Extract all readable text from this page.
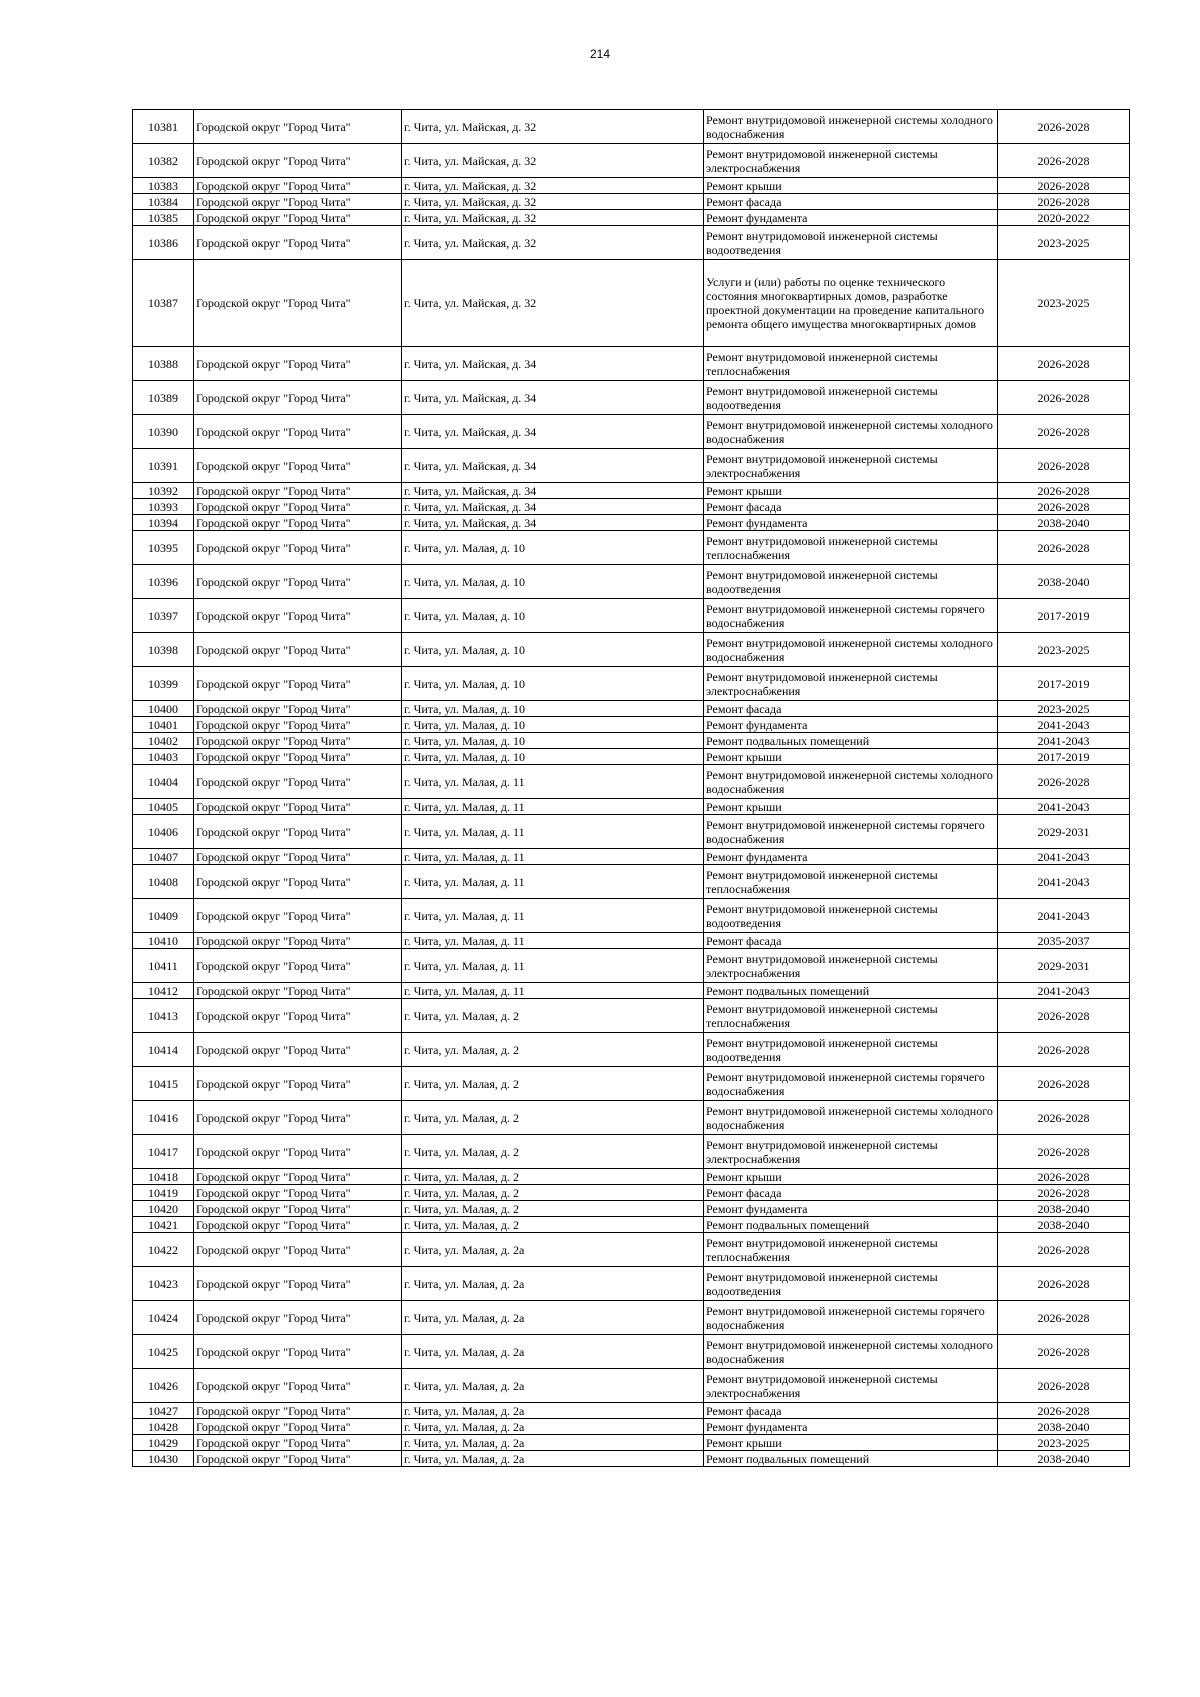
214
10381	Городской округ "Город Чита"	г. Чита, ул. Майская, д. 32	Ремонт внутридомовой инженерной системы холодного водоснабжения	2026-2028
10382	Городской округ "Город Чита"	г. Чита, ул. Майская, д. 32	Ремонт внутридомовой инженерной системы электроснабжения	2026-2028
10383	Городской округ "Город Чита"	г. Чита, ул. Майская, д. 32	Ремонт крыши	2026-2028
10384	Городской округ "Город Чита"	г. Чита, ул. Майская, д. 32	Ремонт фасада	2026-2028
10385	Городской округ "Город Чита"	г. Чита, ул. Майская, д. 32	Ремонт фундамента	2020-2022
10386	Городской округ "Город Чита"	г. Чита, ул. Майская, д. 32	Ремонт внутридомовой инженерной системы водоотведения	2023-2025
10387	Городской округ "Город Чита"	г. Чита, ул. Майская, д. 32	Услуги и (или) работы по оценке технического состояния многоквартирных домов, разработке проектной документации на проведение капитального ремонта общего имущества многоквартирных домов	2023-2025
10388	Городской округ "Город Чита"	г. Чита, ул. Майская, д. 34	Ремонт внутридомовой инженерной системы теплоснабжения	2026-2028
10389	Городской округ "Город Чита"	г. Чита, ул. Майская, д. 34	Ремонт внутридомовой инженерной системы водоотведения	2026-2028
10390	Городской округ "Город Чита"	г. Чита, ул. Майская, д. 34	Ремонт внутридомовой инженерной системы холодного водоснабжения	2026-2028
10391	Городской округ "Город Чита"	г. Чита, ул. Майская, д. 34	Ремонт внутридомовой инженерной системы электроснабжения	2026-2028
10392	Городской округ "Город Чита"	г. Чита, ул. Майская, д. 34	Ремонт крыши	2026-2028
10393	Городской округ "Город Чита"	г. Чита, ул. Майская, д. 34	Ремонт фасада	2026-2028
10394	Городской округ "Город Чита"	г. Чита, ул. Майская, д. 34	Ремонт фундамента	2038-2040
10395	Городской округ "Город Чита"	г. Чита, ул. Малая, д. 10	Ремонт внутридомовой инженерной системы теплоснабжения	2026-2028
10396	Городской округ "Город Чита"	г. Чита, ул. Малая, д. 10	Ремонт внутридомовой инженерной системы водоотведения	2038-2040
10397	Городской округ "Город Чита"	г. Чита, ул. Малая, д. 10	Ремонт внутридомовой инженерной системы горячего водоснабжения	2017-2019
10398	Городской округ "Город Чита"	г. Чита, ул. Малая, д. 10	Ремонт внутридомовой инженерной системы холодного водоснабжения	2023-2025
10399	Городской округ "Город Чита"	г. Чита, ул. Малая, д. 10	Ремонт внутридомовой инженерной системы электроснабжения	2017-2019
10400	Городской округ "Город Чита"	г. Чита, ул. Малая, д. 10	Ремонт фасада	2023-2025
10401	Городской округ "Город Чита"	г. Чита, ул. Малая, д. 10	Ремонт фундамента	2041-2043
10402	Городской округ "Город Чита"	г. Чита, ул. Малая, д. 10	Ремонт подвальных помещений	2041-2043
10403	Городской округ "Город Чита"	г. Чита, ул. Малая, д. 10	Ремонт крыши	2017-2019
10404	Городской округ "Город Чита"	г. Чита, ул. Малая, д. 11	Ремонт внутридомовой инженерной системы холодного водоснабжения	2026-2028
10405	Городской округ "Город Чита"	г. Чита, ул. Малая, д. 11	Ремонт крыши	2041-2043
10406	Городской округ "Город Чита"	г. Чита, ул. Малая, д. 11	Ремонт внутридомовой инженерной системы горячего водоснабжения	2029-2031
10407	Городской округ "Город Чита"	г. Чита, ул. Малая, д. 11	Ремонт фундамента	2041-2043
10408	Городской округ "Город Чита"	г. Чита, ул. Малая, д. 11	Ремонт внутридомовой инженерной системы теплоснабжения	2041-2043
10409	Городской округ "Город Чита"	г. Чита, ул. Малая, д. 11	Ремонт внутридомовой инженерной системы водоотведения	2041-2043
10410	Городской округ "Город Чита"	г. Чита, ул. Малая, д. 11	Ремонт фасада	2035-2037
10411	Городской округ "Город Чита"	г. Чита, ул. Малая, д. 11	Ремонт внутридомовой инженерной системы электроснабжения	2029-2031
10412	Городской округ "Город Чита"	г. Чита, ул. Малая, д. 11	Ремонт подвальных помещений	2041-2043
10413	Городской округ "Город Чита"	г. Чита, ул. Малая, д. 2	Ремонт внутридомовой инженерной системы теплоснабжения	2026-2028
10414	Городской округ "Город Чита"	г. Чита, ул. Малая, д. 2	Ремонт внутридомовой инженерной системы водоотведения	2026-2028
10415	Городской округ "Город Чита"	г. Чита, ул. Малая, д. 2	Ремонт внутридомовой инженерной системы горячего водоснабжения	2026-2028
10416	Городской округ "Город Чита"	г. Чита, ул. Малая, д. 2	Ремонт внутридомовой инженерной системы холодного водоснабжения	2026-2028
10417	Городской округ "Город Чита"	г. Чита, ул. Малая, д. 2	Ремонт внутридомовой инженерной системы электроснабжения	2026-2028
10418	Городской округ "Город Чита"	г. Чита, ул. Малая, д. 2	Ремонт крыши	2026-2028
10419	Городской округ "Город Чита"	г. Чита, ул. Малая, д. 2	Ремонт фасада	2026-2028
10420	Городской округ "Город Чита"	г. Чита, ул. Малая, д. 2	Ремонт фундамента	2038-2040
10421	Городской округ "Город Чита"	г. Чита, ул. Малая, д. 2	Ремонт подвальных помещений	2038-2040
10422	Городской округ "Город Чита"	г. Чита, ул. Малая, д. 2а	Ремонт внутридомовой инженерной системы теплоснабжения	2026-2028
10423	Городской округ "Город Чита"	г. Чита, ул. Малая, д. 2а	Ремонт внутридомовой инженерной системы водоотведения	2026-2028
10424	Городской округ "Город Чита"	г. Чита, ул. Малая, д. 2а	Ремонт внутридомовой инженерной системы горячего водоснабжения	2026-2028
10425	Городской округ "Город Чита"	г. Чита, ул. Малая, д. 2а	Ремонт внутридомовой инженерной системы холодного водоснабжения	2026-2028
10426	Городской округ "Город Чита"	г. Чита, ул. Малая, д. 2а	Ремонт внутридомовой инженерной системы электроснабжения	2026-2028
10427	Городской округ "Город Чита"	г. Чита, ул. Малая, д. 2а	Ремонт фасада	2026-2028
10428	Городской округ "Город Чита"	г. Чита, ул. Малая, д. 2а	Ремонт фундамента	2038-2040
10429	Городской округ "Город Чита"	г. Чита, ул. Малая, д. 2а	Ремонт крыши	2023-2025
10430	Городской округ "Город Чита"	г. Чита, ул. Малая, д. 2а	Ремонт подвальных помещений	2038-2040
